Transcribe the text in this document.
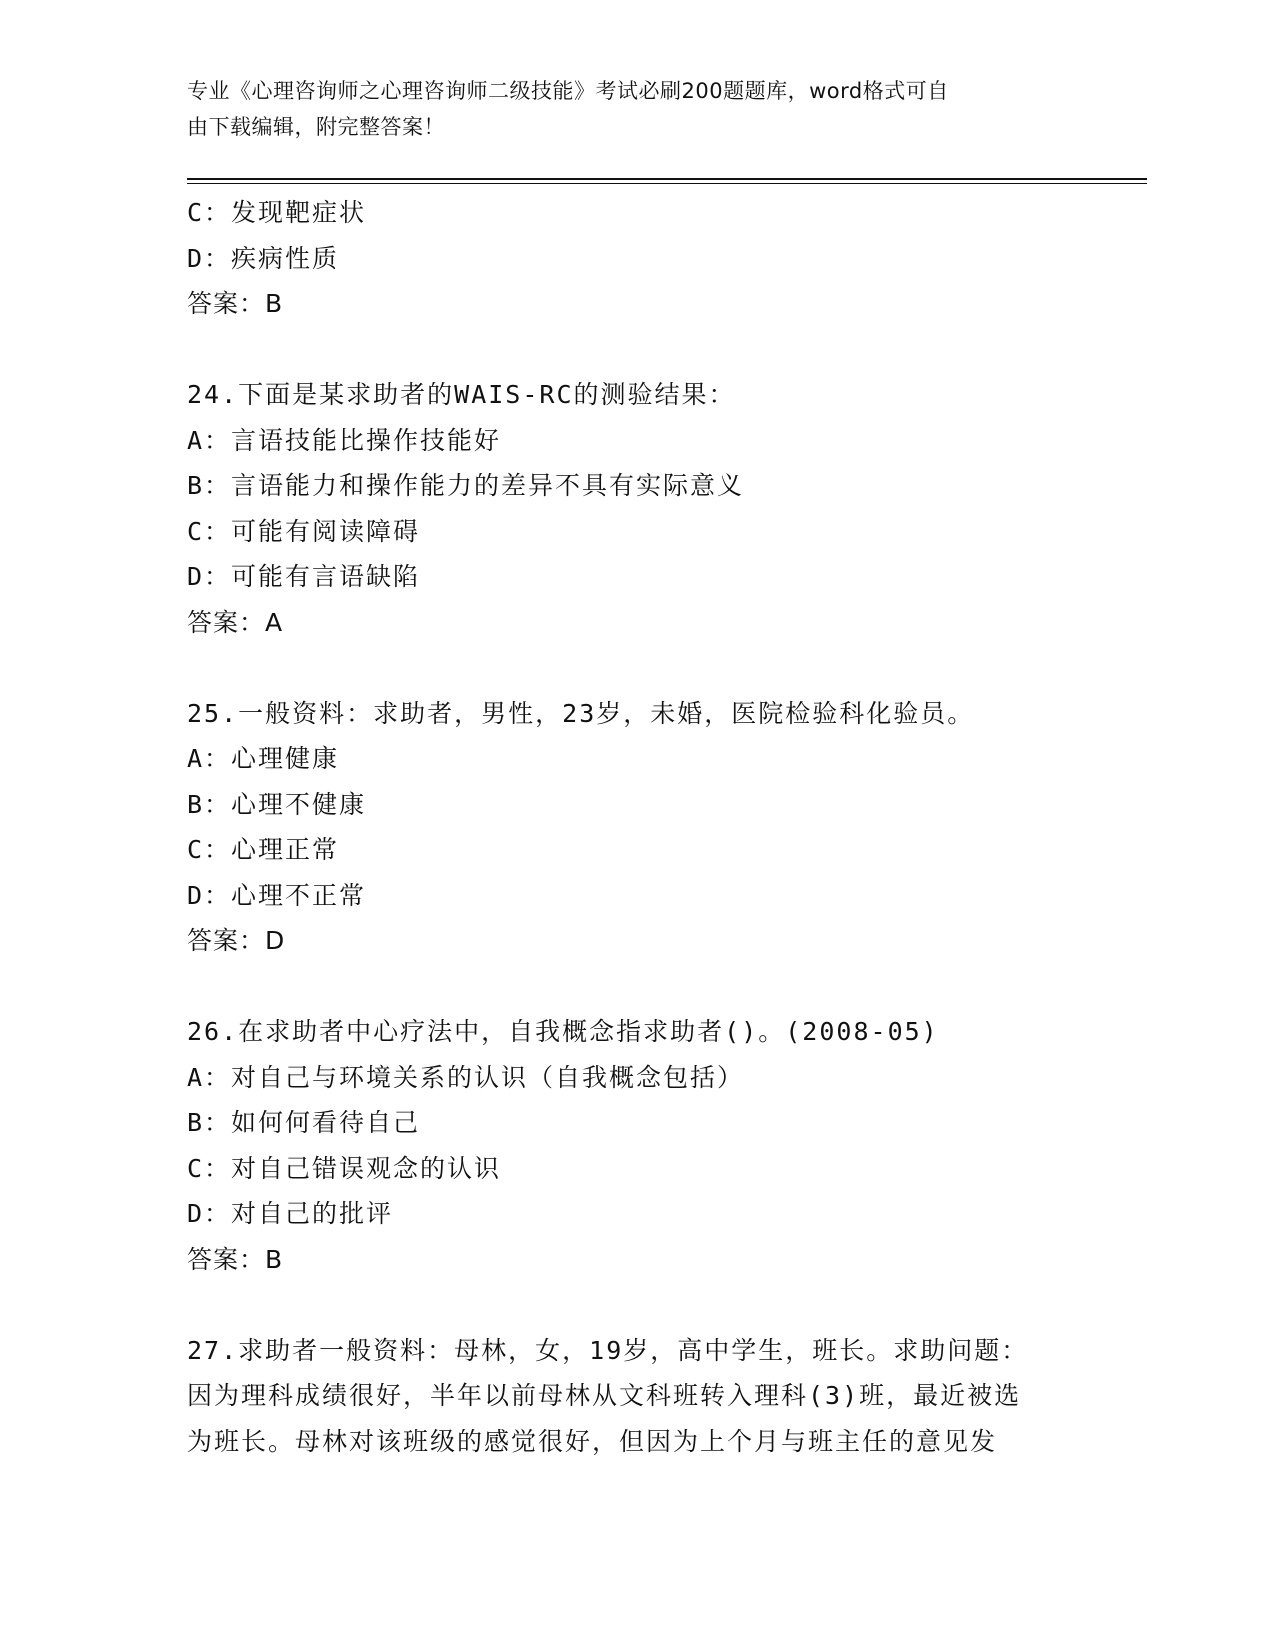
专业《心理咨询师之心理咨询师二级技能》考试必刷200题题库，word格式可自
由下载编辑，附完整答案！
C：发现靶症状
D：疾病性质
答案：B
24.下面是某求助者的WAIS-RC的测验结果：
A：言语技能比操作技能好
B：言语能力和操作能力的差异不具有实际意义
C：可能有阅读障碍
D：可能有言语缺陷
答案：A
25.一般资料：求助者，男性，23岁，未婚，医院检验科化验员。
A：心理健康
B：心理不健康
C：心理正常
D：心理不正常
答案：D
26.在求助者中心疗法中，自我概念指求助者()。(2008-05)
A：对自己与环境关系的认识（自我概念包括）
B：如何何看待自己
C：对自己错误观念的认识
D：对自己的批评
答案：B
27.求助者一般资料：母林，女，19岁，高中学生，班长。求助问题：
因为理科成绩很好，半年以前母林从文科班转入理科(3)班，最近被选
为班长。母林对该班级的感觉很好，但因为上个月与班主任的意见发
